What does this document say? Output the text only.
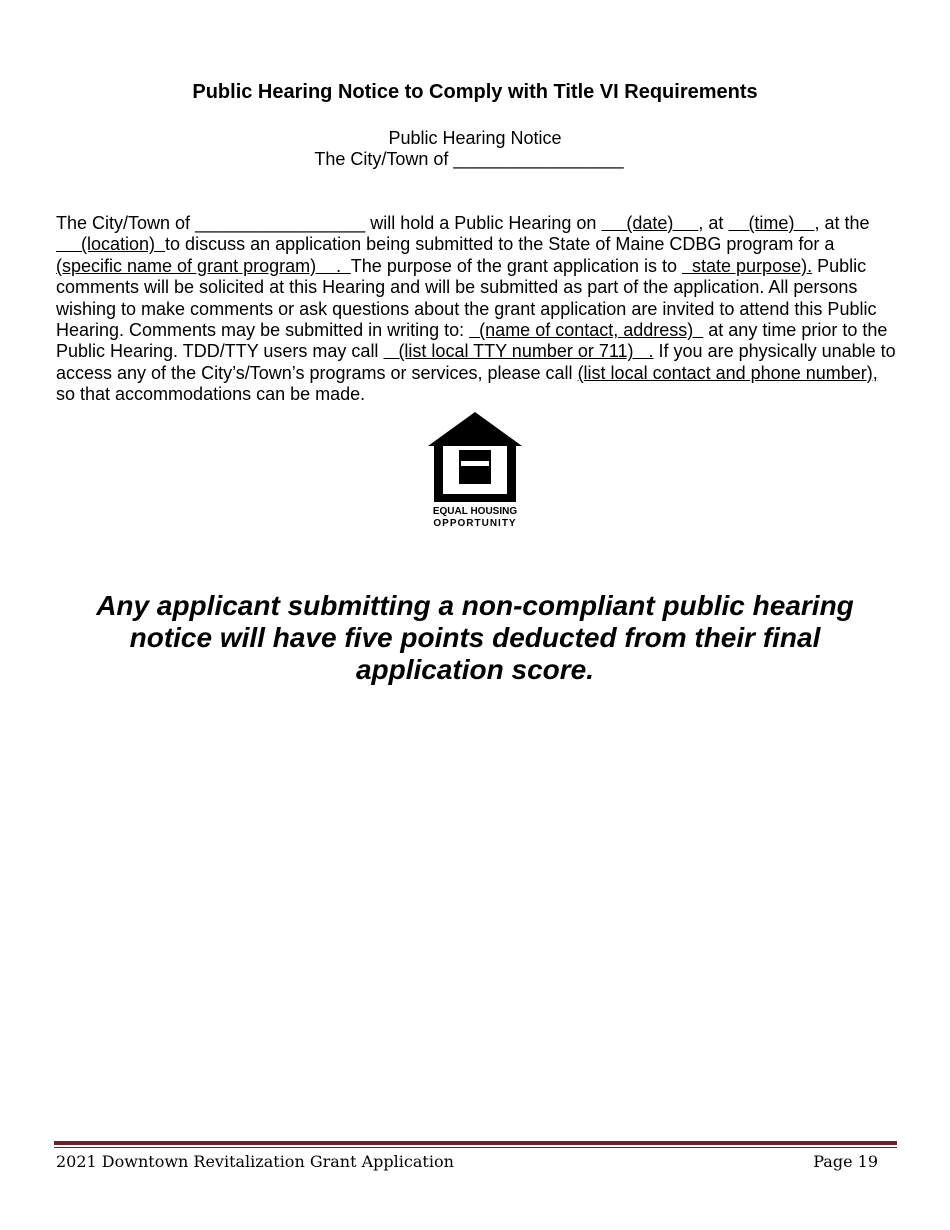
Public Hearing Notice to Comply with Title VI Requirements
Public Hearing Notice
The City/Town of _________________

The City/Town of _________________ will hold a Public Hearing on      (date)     , at     (time)    , at the      (location)  to discuss an application being submitted to the State of Maine CDBG program for a (specific name of grant program)    .  The purpose of the grant application is to   state purpose). Public comments will be solicited at this Hearing and will be submitted as part of the application. All persons wishing to make comments or ask questions about the grant application are invited to attend this Public Hearing. Comments may be submitted in writing to:   (name of contact, address)   at any time prior to the Public Hearing. TDD/TTY users may call    (list local TTY number or 711)   . If you are physically unable to access any of the City’s/Town’s programs or services, please call (list local contact and phone number), so that accommodations can be made.

EQUAL HOUSING
OPPORTUNITY

Any applicant submitting a non-compliant public hearing notice will have five points deducted from their final application score.

2021 Downtown Revitalization Grant Application	Page 19
